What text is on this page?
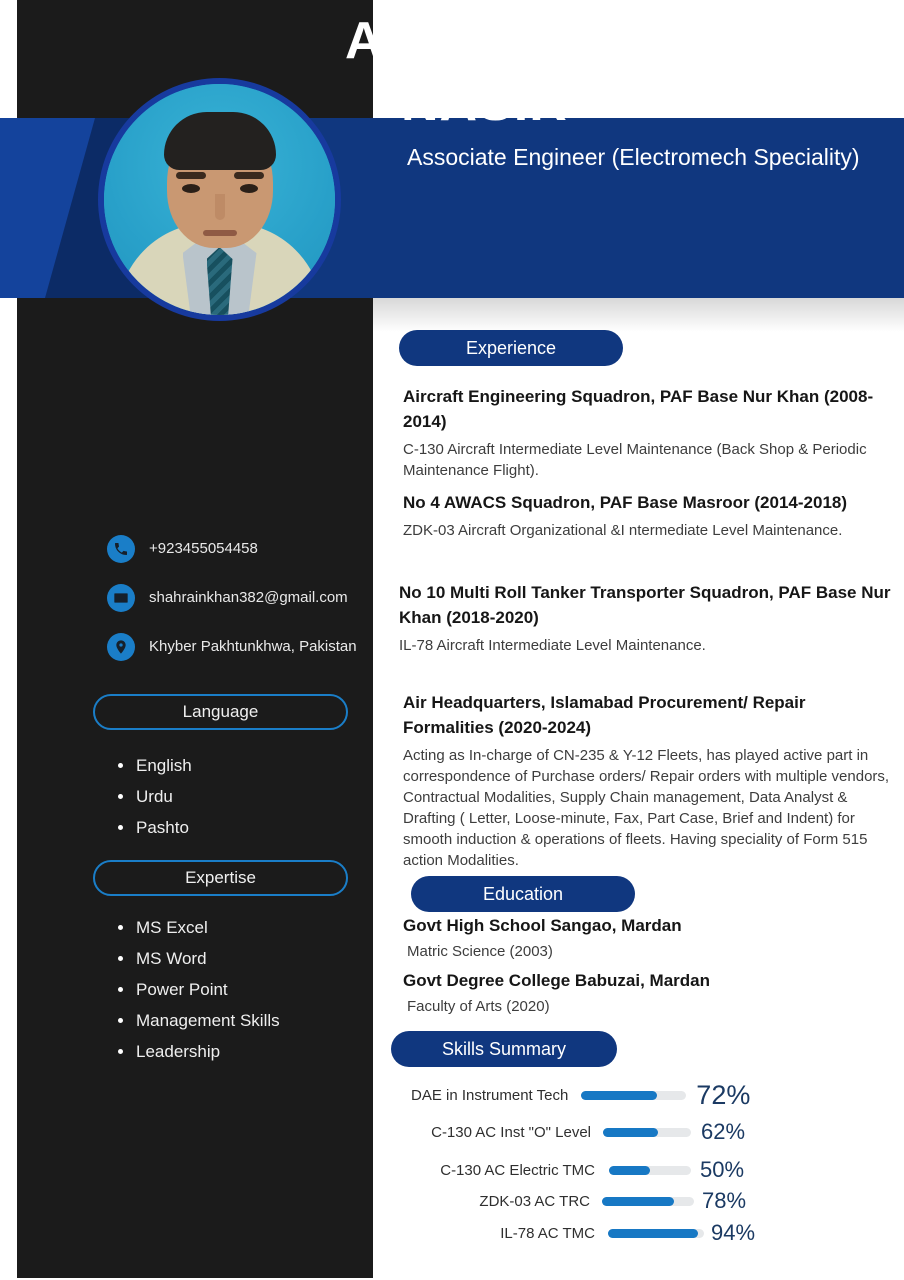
ABDUL
NASIR
Associate Engineer (Electromech Speciality)
+923455054458
shahrainkhan382@gmail.com
Khyber Pakhtunkhwa, Pakistan
Language
English
Urdu
Pashto
Expertise
MS Excel
MS Word
Power Point
Management Skills
Leadership
Experience
Aircraft Engineering Squadron, PAF Base Nur Khan (2008-2014)
C-130 Aircraft Intermediate Level Maintenance (Back Shop & Periodic Maintenance Flight).
No 4 AWACS Squadron, PAF Base Masroor (2014-2018)
ZDK-03 Aircraft Organizational &I ntermediate Level Maintenance.
No 10 Multi Roll Tanker Transporter Squadron, PAF Base Nur Khan (2018-2020)
IL-78 Aircraft Intermediate Level Maintenance.
Air Headquarters, Islamabad Procurement/ Repair Formalities (2020-2024)
Acting as In-charge of CN-235 & Y-12 Fleets, has played active part in correspondence of Purchase orders/ Repair orders with multiple vendors, Contractual Modalities, Supply Chain management, Data Analyst & Drafting ( Letter, Loose-minute, Fax, Part Case, Brief and Indent) for smooth induction & operations of fleets. Having speciality of Form 515 action Modalities.
Education
Govt High School Sangao, Mardan
Matric Science (2003)
Govt Degree College Babuzai, Mardan
Faculty of Arts (2020)
Skills Summary
DAE in Instrument Tech	72%
C-130 AC Inst "O" Level	62%
C-130 AC Electric TMC	50%
ZDK-03 AC TRC	78%
IL-78 AC TMC	94%
